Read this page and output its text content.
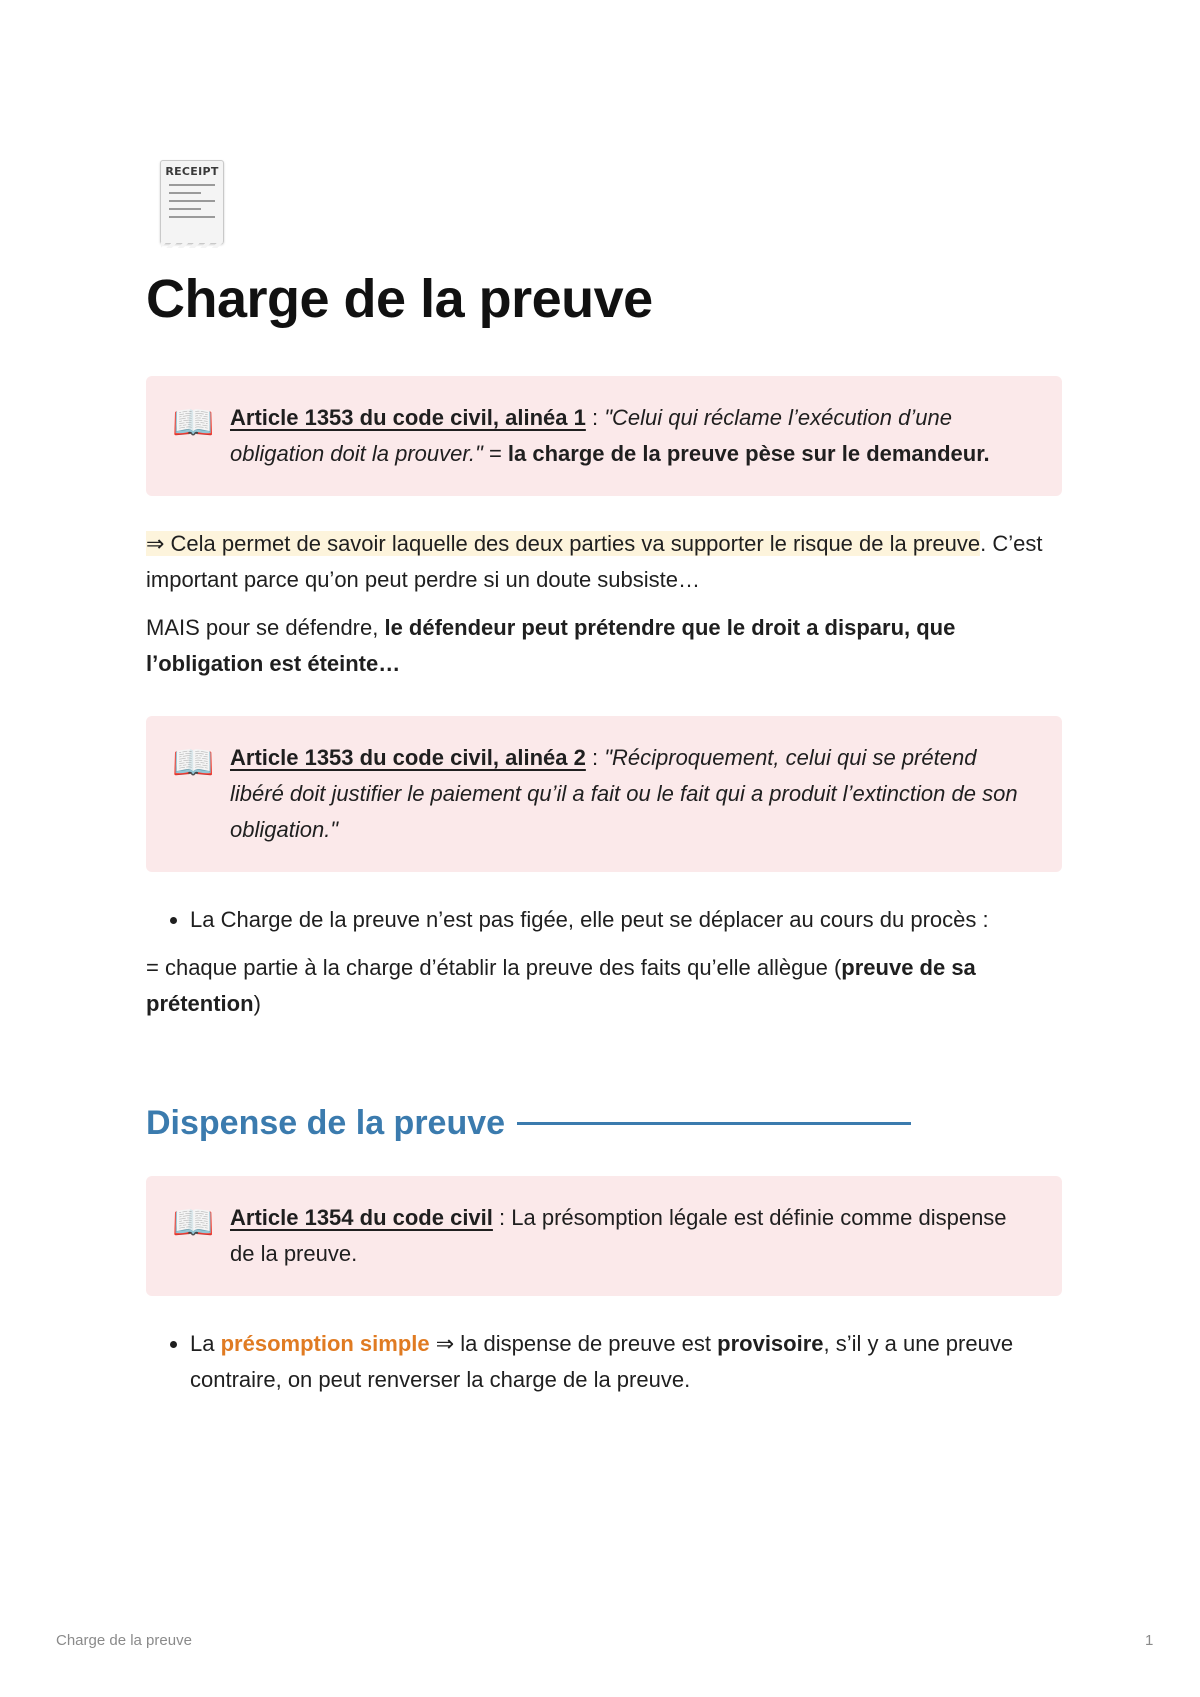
RECEIPT
Charge de la preuve
📖 Article 1353 du code civil, alinéa 1 : "Celui qui réclame l’exécution d’une obligation doit la prouver." = la charge de la preuve pèse sur le demandeur.

⇒ Cela permet de savoir laquelle des deux parties va supporter le risque de la preuve. C’est important parce qu’on peut perdre si un doute subsiste…

MAIS pour se défendre, le défendeur peut prétendre que le droit a disparu, que l’obligation est éteinte…

📖 Article 1353 du code civil, alinéa 2 : "Réciproquement, celui qui se prétend libéré doit justifier le paiement qu’il a fait ou le fait qui a produit l’extinction de son obligation."
• La Charge de la preuve n’est pas figée, elle peut se déplacer au cours du procès :

= chaque partie à la charge d’établir la preuve des faits qu’elle allègue (preuve de sa prétention)

Dispense de la preuve
📖 Article 1354 du code civil : La présomption légale est définie comme dispense de la preuve.
• La présomption simple ⇒ la dispense de preuve est provisoire, s’il y a une preuve contraire, on peut renverser la charge de la preuve.
Charge de la preuve	1
